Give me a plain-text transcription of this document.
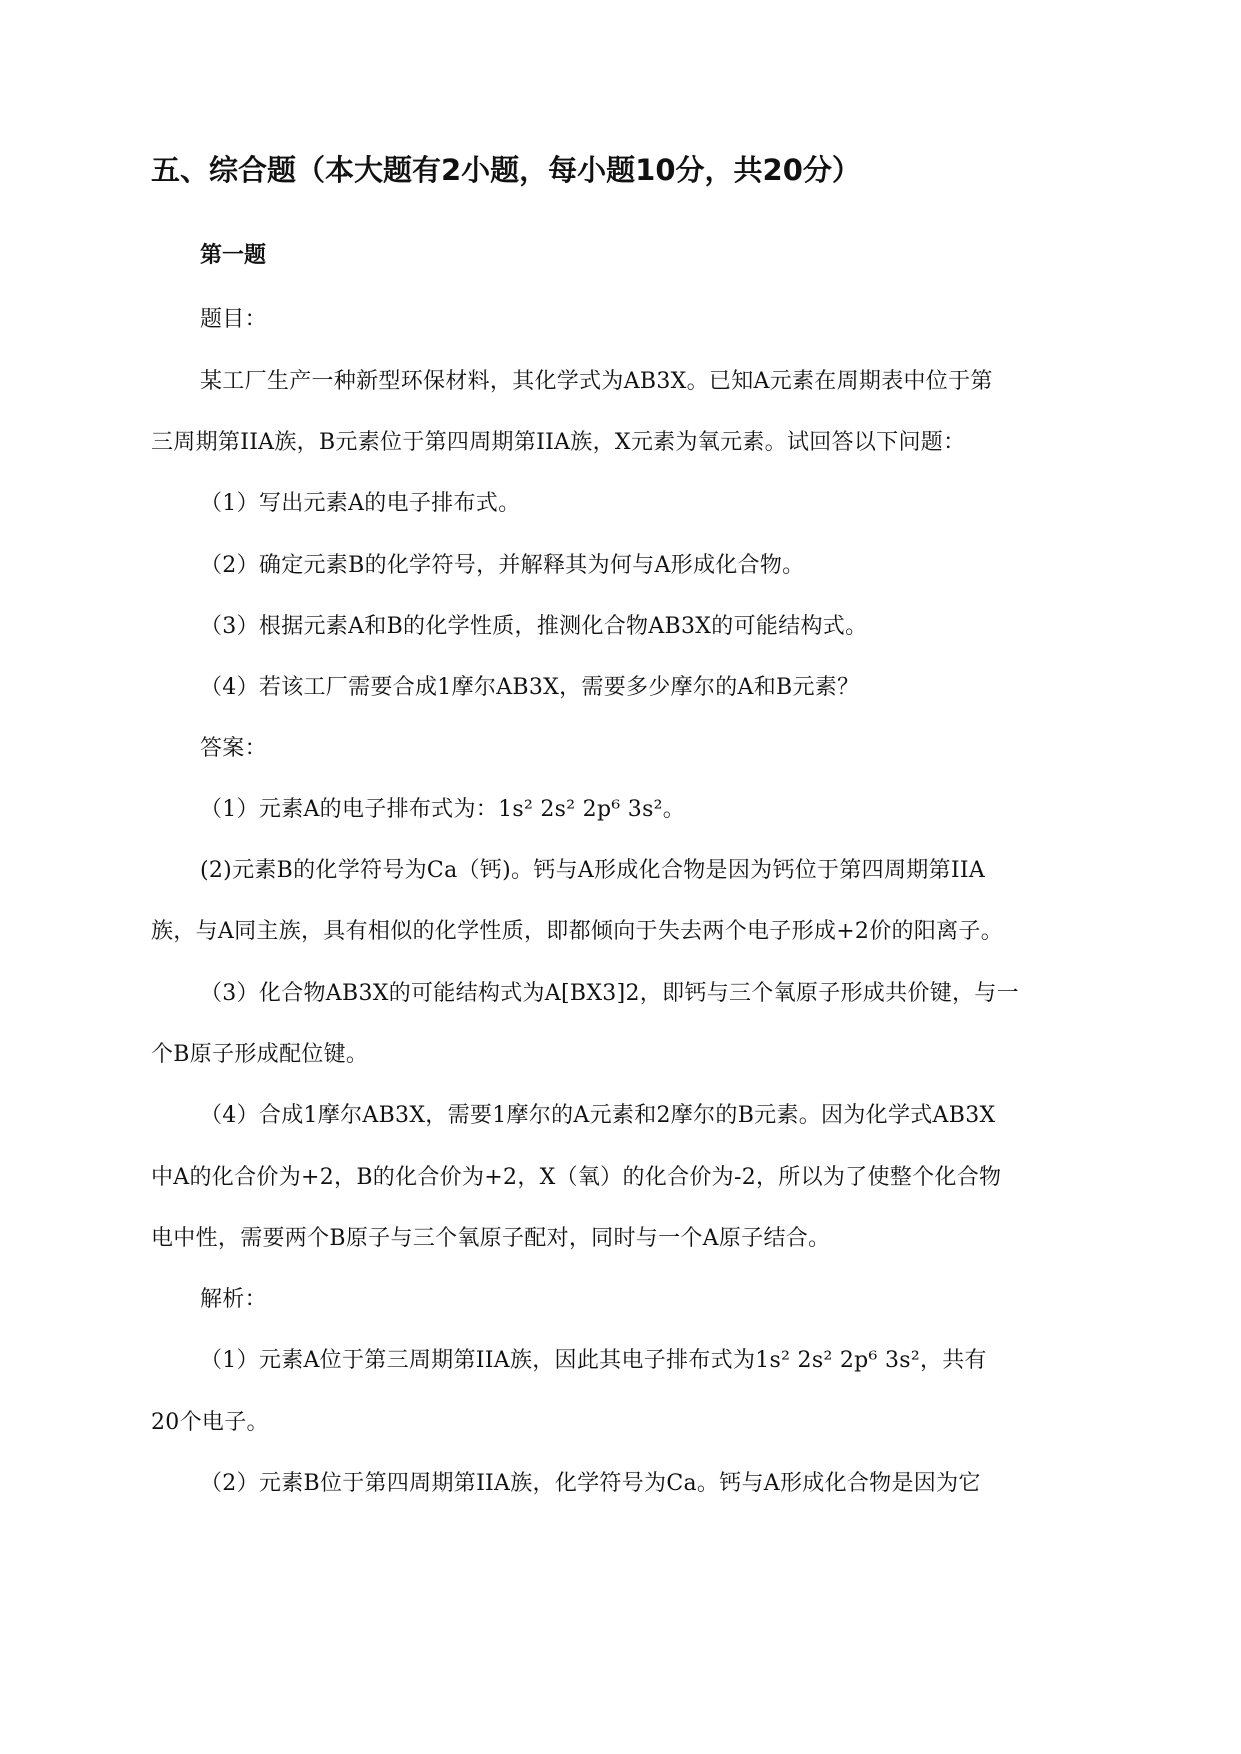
五、综合题（本大题有2小题，每小题10分，共20分）
第一题
题目：
某工厂生产一种新型环保材料，其化学式为AB3X。已知A元素在周期表中位于第
三周期第IIA族，B元素位于第四周期第IIA族，X元素为氧元素。试回答以下问题：
（1）写出元素A的电子排布式。
（2）确定元素B的化学符号，并解释其为何与A形成化合物。
（3）根据元素A和B的化学性质，推测化合物AB3X的可能结构式。
（4）若该工厂需要合成1摩尔AB3X，需要多少摩尔的A和B元素？
答案：
（1）元素A的电子排布式为：1s² 2s² 2p⁶ 3s²。
(2)元素B的化学符号为Ca（钙)。钙与A形成化合物是因为钙位于第四周期第IIA
族，与A同主族，具有相似的化学性质，即都倾向于失去两个电子形成+2价的阳离子。
（3）化合物AB3X的可能结构式为A[BX3]2，即钙与三个氧原子形成共价键，与一
个B原子形成配位键。
（4）合成1摩尔AB3X，需要1摩尔的A元素和2摩尔的B元素。因为化学式AB3X
中A的化合价为+2，B的化合价为+2，X（氧）的化合价为-2，所以为了使整个化合物
电中性，需要两个B原子与三个氧原子配对，同时与一个A原子结合。
解析：
（1）元素A位于第三周期第IIA族，因此其电子排布式为1s² 2s² 2p⁶ 3s²，共有
20个电子。
（2）元素B位于第四周期第IIA族，化学符号为Ca。钙与A形成化合物是因为它
